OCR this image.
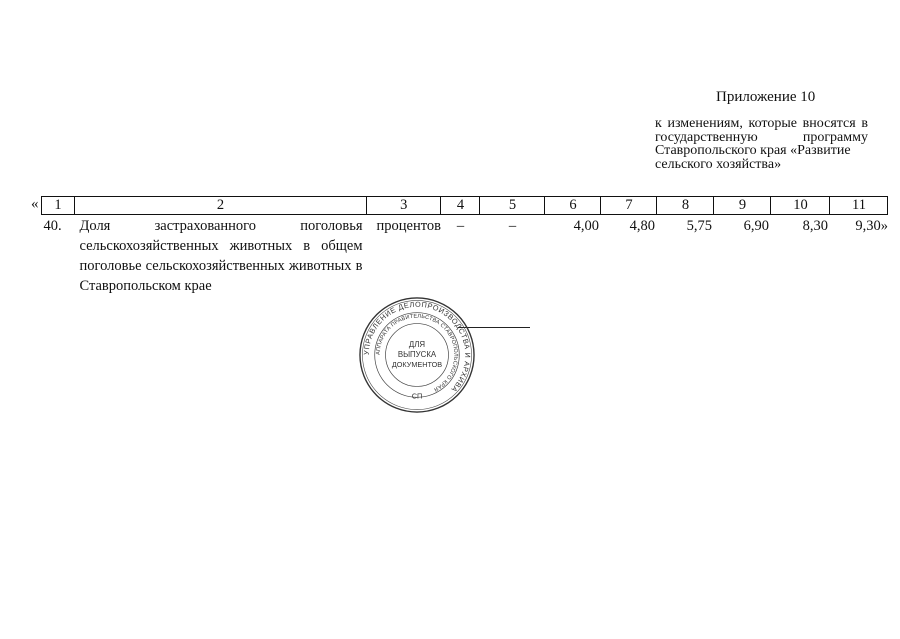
Приложение 10
к изменениям, которые вносятся в государственную программу Ставропольского края «Развитие
сельского хозяйства»
« 1	2	3	4	5	6	7	8	9	10	11
40.	Доля застрахованного поголовья сельскохозяйственных животных в общем поголовье сельскохозяйственных животных в Ставропольском крае	процентов	–	–	4,00	4,80	5,75	6,90	8,30	9,30»
УПРАВЛЕНИЕ ДЕЛОПРОИЗВОДСТВА И АРХИВА
АППАРАТА ПРАВИТЕЛЬСТВА СТАВРОПОЛЬСКОГО КРАЯ
ДЛЯ
ВЫПУСКА
ДОКУМЕНТОВ
СП
